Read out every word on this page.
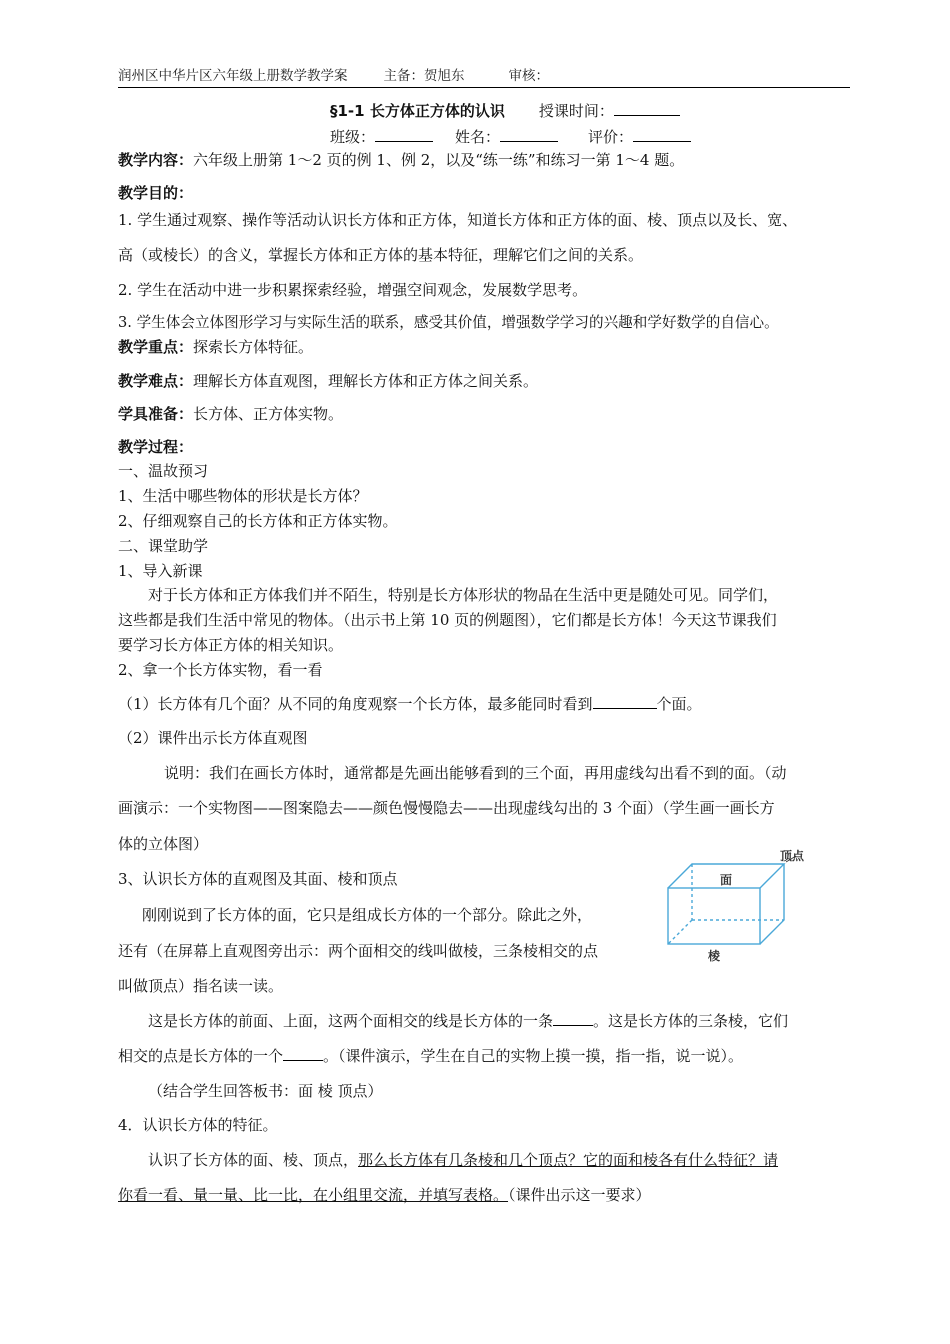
润州区中华片区六年级上册数学教学案	主备：贺旭东	审核：
§1-1 长方体正方体的认识 授课时间：
班级：	姓名：	评价：
教学内容：六年级上册第 1～2 页的例 1、例 2，以及“练一练”和练习一第 1～4 题。
教学目的：
1. 学生通过观察、操作等活动认识长方体和正方体，知道长方体和正方体的面、棱、顶点以及长、宽、
高（或棱长）的含义，掌握长方体和正方体的基本特征，理解它们之间的关系。
2. 学生在活动中进一步积累探索经验，增强空间观念，发展数学思考。
3. 学生体会立体图形学习与实际生活的联系，感受其价值，增强数学学习的兴趣和学好数学的自信心。
教学重点：探索长方体特征。
教学难点：理解长方体直观图，理解长方体和正方体之间关系。
学具准备：长方体、正方体实物。
教学过程：
一、温故预习
1、生活中哪些物体的形状是长方体？
2、仔细观察自己的长方体和正方体实物。
二、课堂助学
1、导入新课
对于长方体和正方体我们并不陌生，特别是长方体形状的物品在生活中更是随处可见。同学们，
这些都是我们生活中常见的物体。（出示书上第 10 页的例题图），它们都是长方体！今天这节课我们
要学习长方体正方体的相关知识。
2、拿一个长方体实物，看一看
（1）长方体有几个面？从不同的角度观察一个长方体，最多能同时看到	个面。
（2）课件出示长方体直观图
说明：我们在画长方体时，通常都是先画出能够看到的三个面，再用虚线勾出看不到的面。（动
画演示：一个实物图——图案隐去——颜色慢慢隐去——出现虚线勾出的 3 个面）（学生画一画长方
体的立体图）
3、认识长方体的直观图及其面、棱和顶点
刚刚说到了长方体的面，它只是组成长方体的一个部分。除此之外，
还有（在屏幕上直观图旁出示：两个面相交的线叫做棱，三条棱相交的点
叫做顶点）指名读一读。
这是长方体的前面、上面，这两个面相交的线是长方体的一条	。这是长方体的三条棱，它们
相交的点是长方体的一个	。（课件演示，学生在自己的实物上摸一摸，指一指，说一说）。
（结合学生回答板书：面 棱 顶点）
4．认识长方体的特征。
认识了长方体的面、棱、顶点，那么长方体有几条棱和几个顶点？它的面和棱各有什么特征？请
你看一看、量一量、比一比，在小组里交流，并填写表格。（课件出示这一要求）
面
顶点
棱
